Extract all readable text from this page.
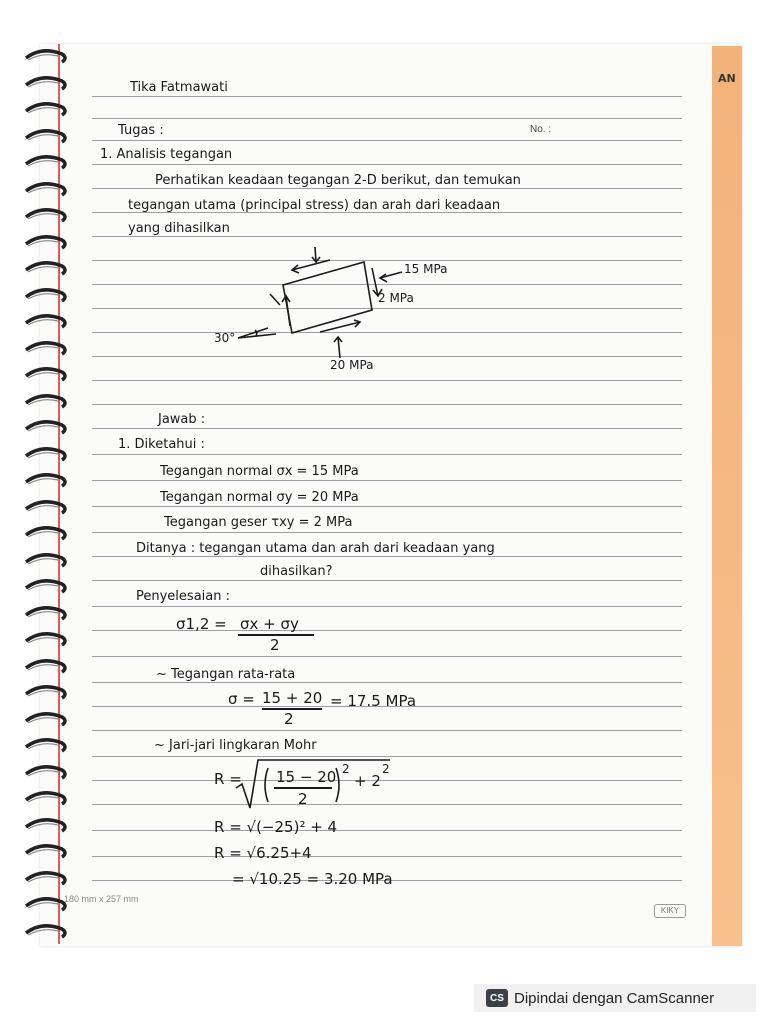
AN
Tika Fatmawati
Tugas :	No. :
1. Analisis tegangan
Perhatikan keadaan tegangan 2-D berikut, dan temukan
tegangan utama (principal stress) dan arah dari keadaan
yang dihasilkan
15 MPa
2 MPa
20 MPa
30°
Jawab :
1. Diketahui :
Tegangan normal σx = 15 MPa
Tegangan normal σy = 20 MPa
Tegangan geser τxy = 2 MPa
Ditanya : tegangan utama dan arah dari keadaan yang
dihasilkan?
Penyelesaian :
σ1,2 = σx + σy
2
~ Tegangan rata-rata
σ = 15 + 20
2
= 17.5 MPa
~ Jari-jari lingkaran Mohr
R = 15 − 20
2
2
+ 2
2
R = √(−25)² + 4
R = √6.25+4
= √10.25 = 3.20 MPa
180 mm x 257 mm
KIKY
CS Dipindai dengan CamScanner
